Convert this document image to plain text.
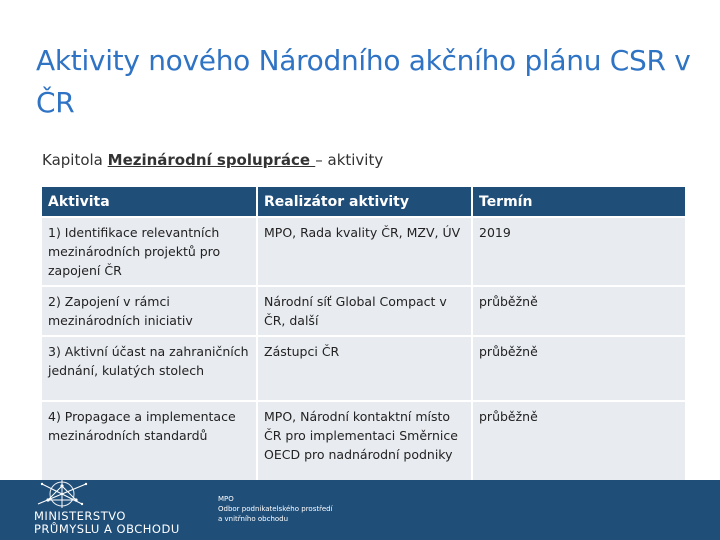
Aktivity nového Národního akčního plánu CSR v ČR
Kapitola Mezinárodní spolupráce – aktivity
Aktivita	Realizátor aktivity	Termín
1) Identifikace relevantních mezinárodních projektů pro zapojení ČR	MPO, Rada kvality ČR, MZV, ÚV	2019
2) Zapojení v rámci mezinárodních iniciativ	Národní síť Global Compact v ČR, další	průběžně
3) Aktivní účast na zahraničních jednání, kulatých stolech	Zástupci ČR	průběžně
4) Propagace a implementace mezinárodních standardů	MPO, Národní kontaktní místo ČR pro implementaci Směrnice OECD pro nadnárodní podniky	průběžně
MINISTERSTVO
PRŮMYSLU A OBCHODU
MPO
Odbor podnikatelského prostředí
a vnitřního obchodu
